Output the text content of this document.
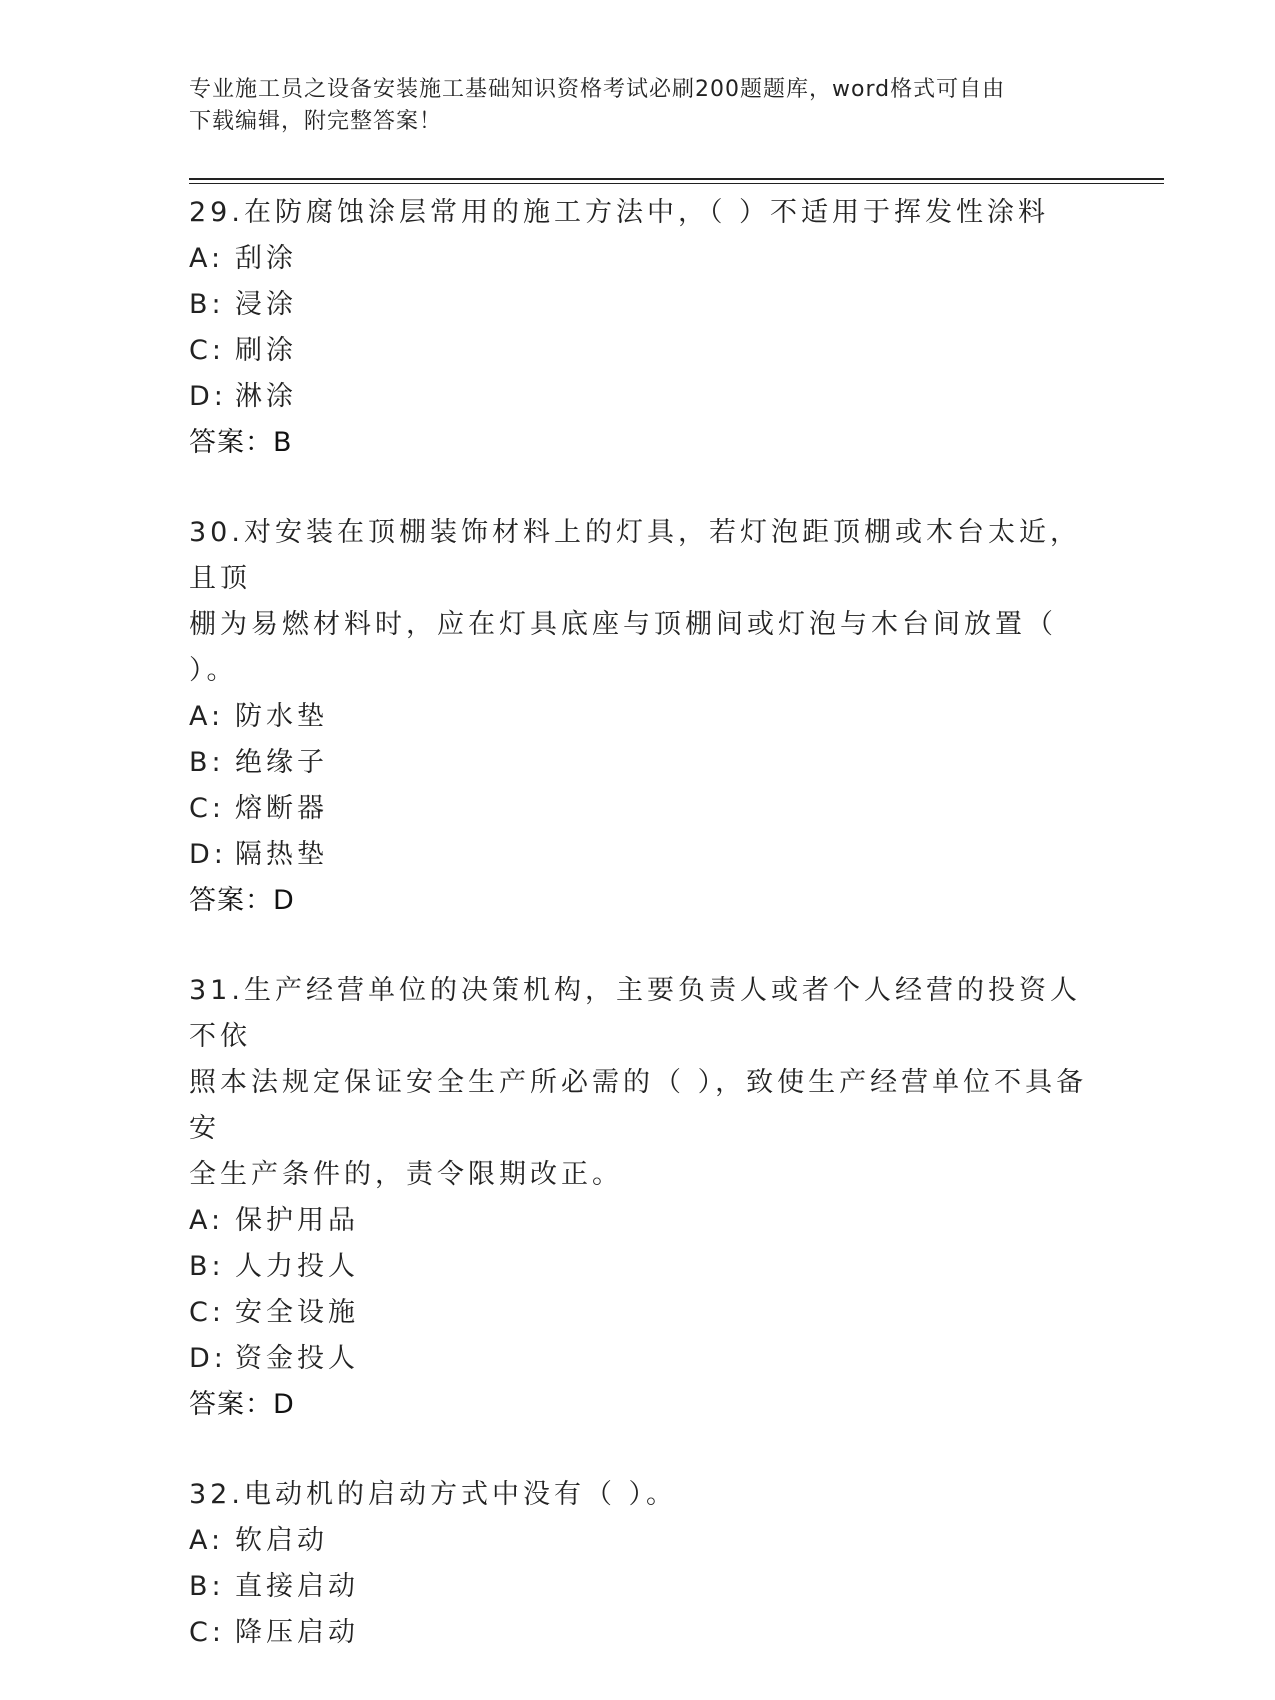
专业施工员之设备安装施工基础知识资格考试必刷200题题库，word格式可自由
下载编辑，附完整答案！
29.在防腐蚀涂层常用的施工方法中，（ ）不适用于挥发性涂料
A: 刮涂
B: 浸涂
C: 刷涂
D: 淋涂
答案：B
30.对安装在顶棚装饰材料上的灯具，若灯泡距顶棚或木台太近，且顶
棚为易燃材料时，应在灯具底座与顶棚间或灯泡与木台间放置（ ）。
A: 防水垫
B: 绝缘子
C: 熔断器
D: 隔热垫
答案：D
31.生产经营单位的决策机构，主要负责人或者个人经营的投资人不依
照本法规定保证安全生产所必需的（ ），致使生产经营单位不具备安
全生产条件的，责令限期改正。
A: 保护用品
B: 人力投人
C: 安全设施
D: 资金投人
答案：D
32.电动机的启动方式中没有（ ）。
A: 软启动
B: 直接启动
C: 降压启动
